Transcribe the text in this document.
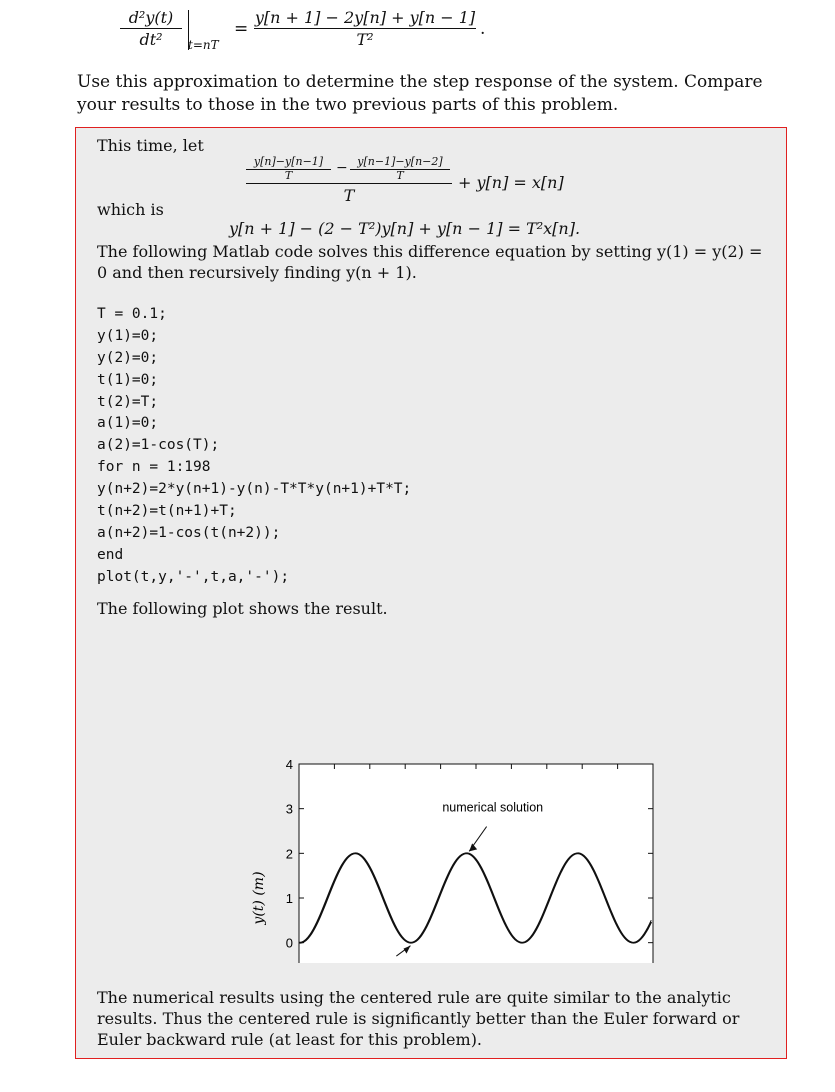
d²y(t)
dt²	t=nT
=
y[n + 1] − 2y[n] + y[n − 1]
T²
.
Use this approximation to determine the step response of the system. Compare your results to those in the two previous parts of this problem.
This time, let
y[n]−y[n−1]
T	− y[n−1]−y[n−2]
T
T
+ y[n] = x[n]
which is
y[n + 1] − (2 − T²)y[n] + y[n − 1] = T²x[n].
The following Matlab code solves this difference equation by setting y(1) = y(2) = 0 and then recursively finding y(n + 1).
T = 0.1;
y(1)=0;
y(2)=0;
t(1)=0;
t(2)=T;
a(1)=0;
a(2)=1-cos(T);
for n = 1:198
y(n+2)=2*y(n+1)-y(n)-T*T*y(n+1)+T*T;
t(n+2)=t(n+1)+T;
a(n+2)=1-cos(t(n+2));
end
plot(t,y,'-',t,a,'-');
The following plot shows the result.
0
1
2
3
4
numerical solution
y(t) (m)
The numerical results using the centered rule are quite similar to the analytic results. Thus the centered rule is significantly better than the Euler forward or Euler backward rule (at least for this problem).
